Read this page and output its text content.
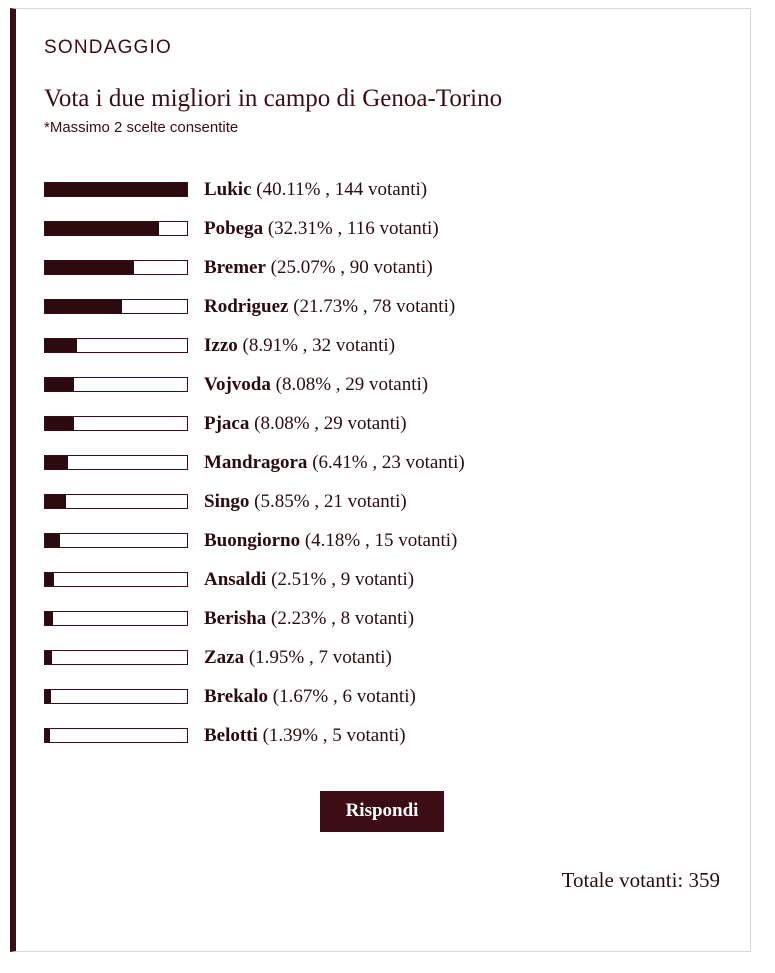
SONDAGGIO
Vota i due migliori in campo di Genoa-Torino
*Massimo 2 scelte consentite
Lukic (40.11% , 144 votanti)
Pobega (32.31% , 116 votanti)
Bremer (25.07% , 90 votanti)
Rodriguez (21.73% , 78 votanti)
Izzo (8.91% , 32 votanti)
Vojvoda (8.08% , 29 votanti)
Pjaca (8.08% , 29 votanti)
Mandragora (6.41% , 23 votanti)
Singo (5.85% , 21 votanti)
Buongiorno (4.18% , 15 votanti)
Ansaldi (2.51% , 9 votanti)
Berisha (2.23% , 8 votanti)
Zaza (1.95% , 7 votanti)
Brekalo (1.67% , 6 votanti)
Belotti (1.39% , 5 votanti)
Rispondi
Totale votanti: 359
